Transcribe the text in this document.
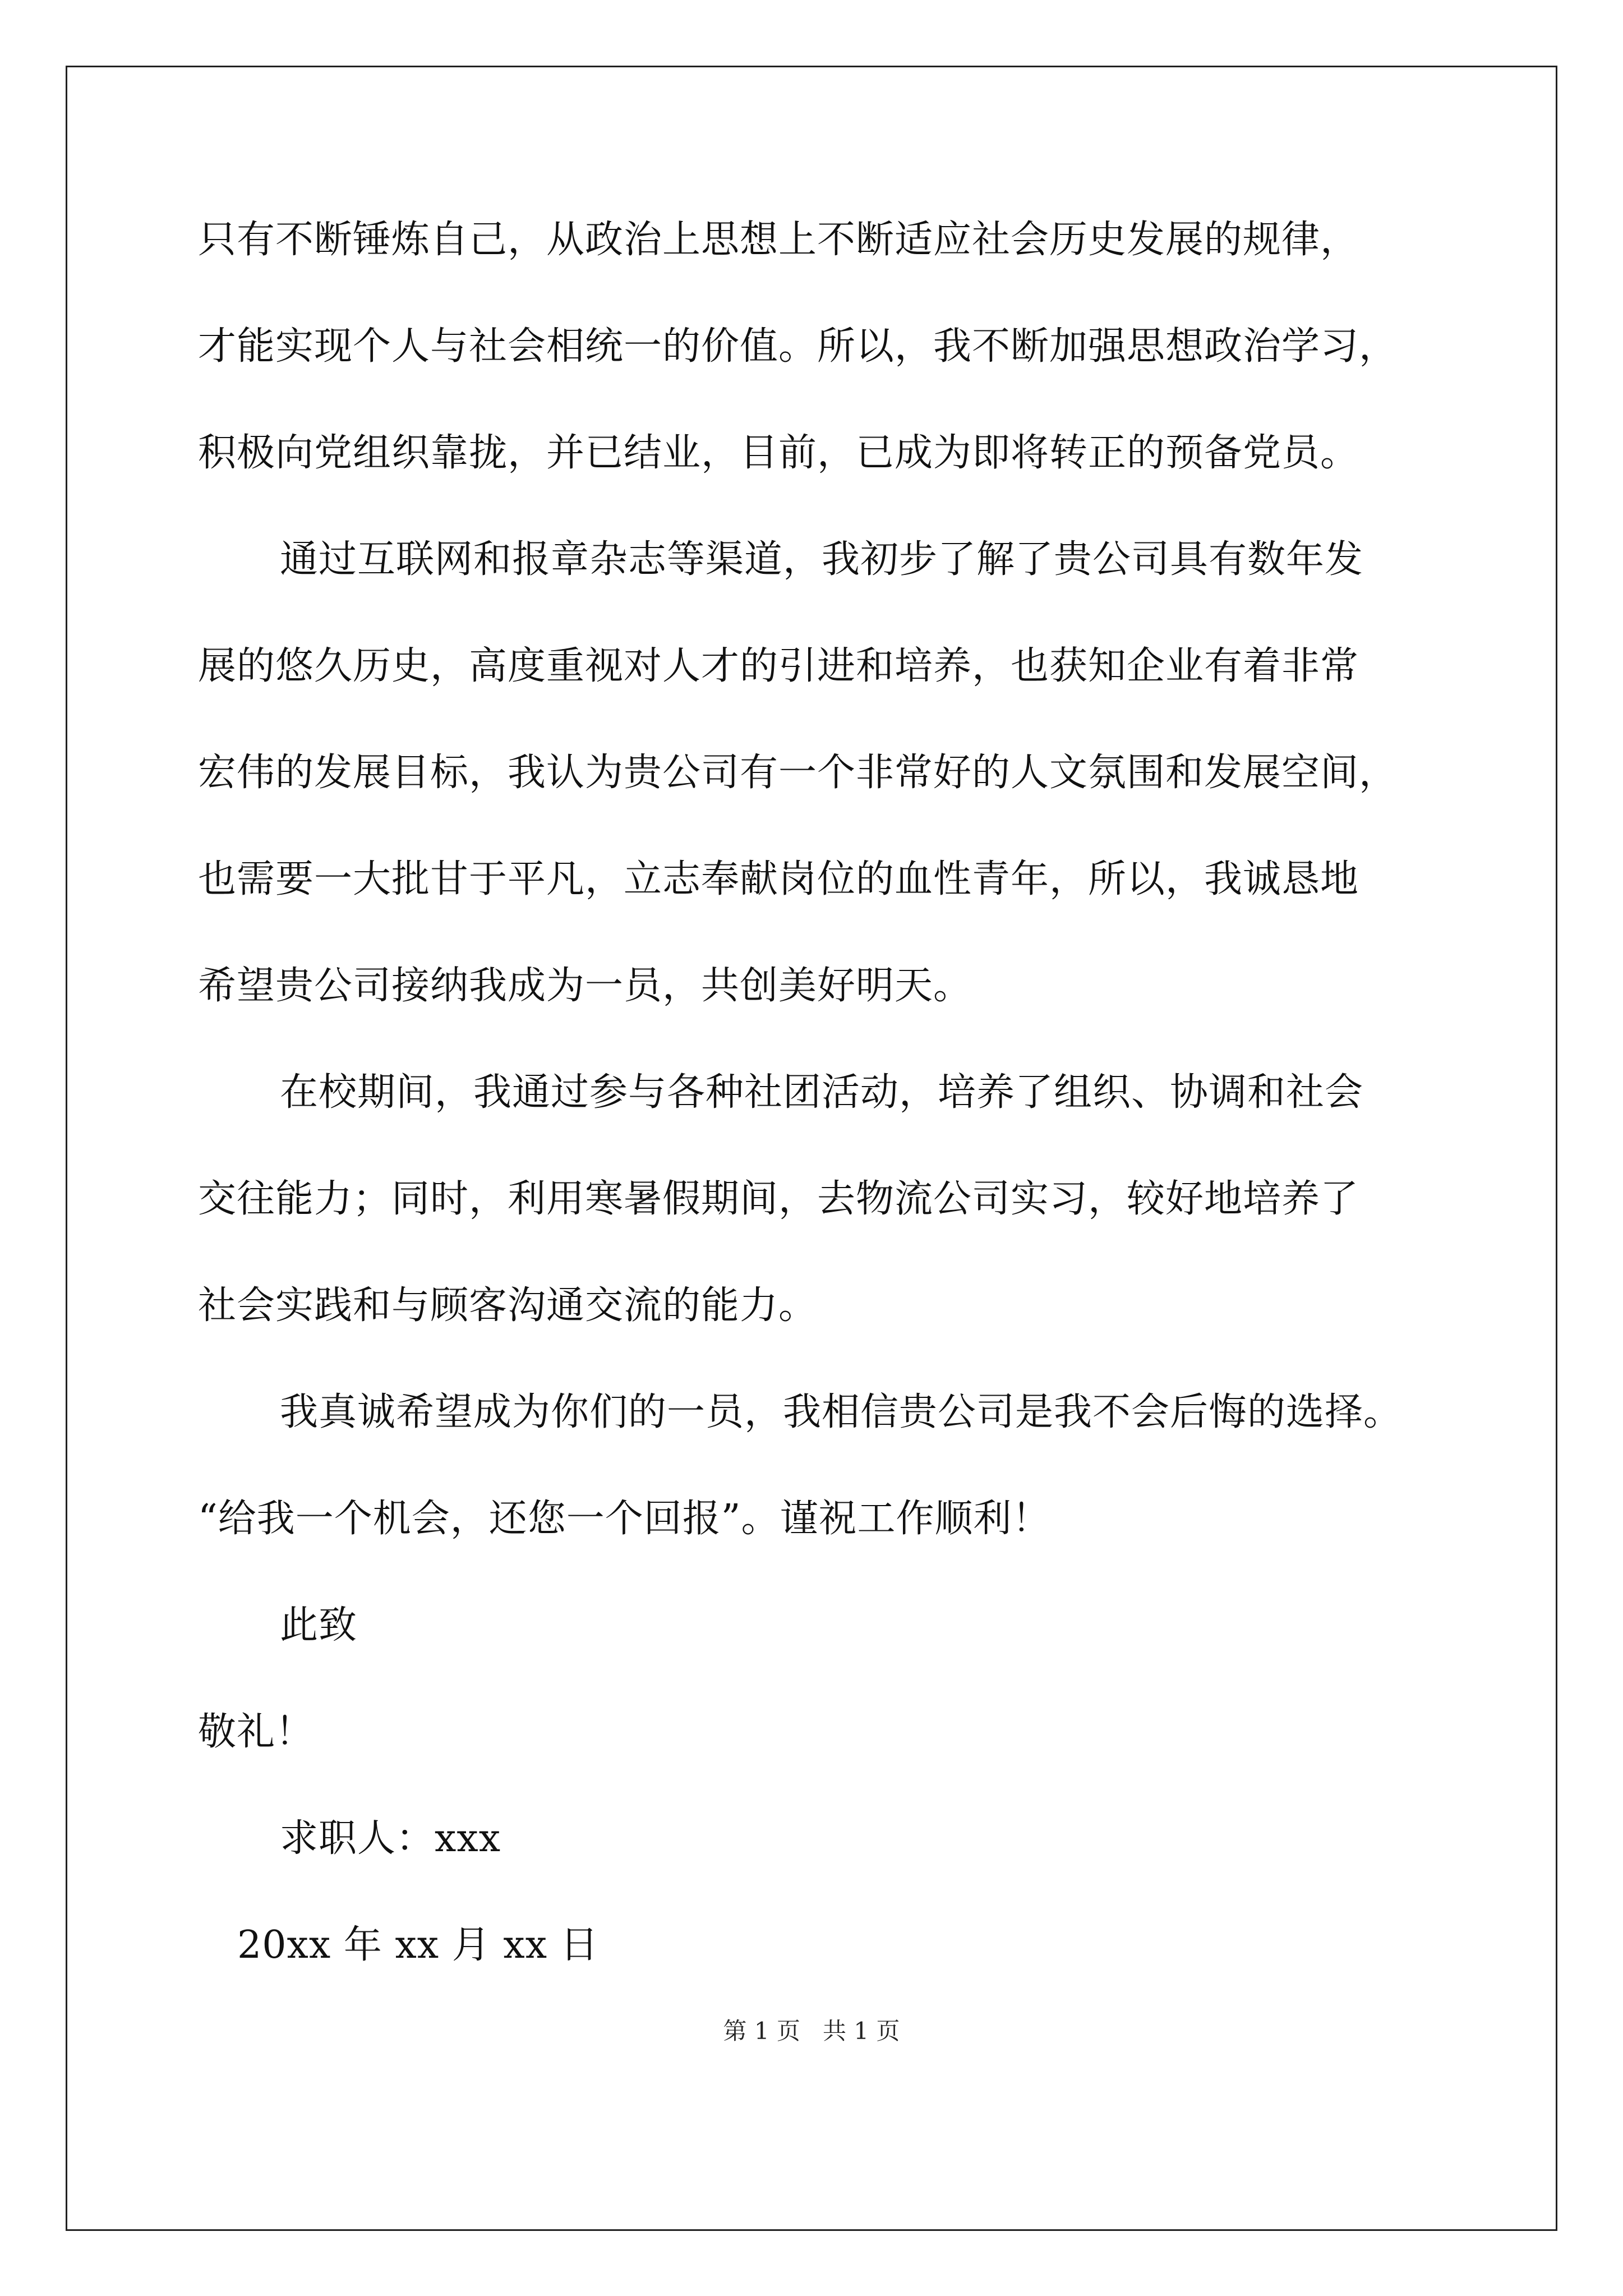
只有不断锤炼自己，从政治上思想上不断适应社会历史发展的规律，
才能实现个人与社会相统一的价值。所以，我不断加强思想政治学习，
积极向党组织靠拢，并已结业，目前，已成为即将转正的预备党员。
通过互联网和报章杂志等渠道，我初步了解了贵公司具有数年发
展的悠久历史，高度重视对人才的引进和培养，也获知企业有着非常
宏伟的发展目标，我认为贵公司有一个非常好的人文氛围和发展空间，
也需要一大批甘于平凡，立志奉献岗位的血性青年，所以，我诚恳地
希望贵公司接纳我成为一员，共创美好明天。
在校期间，我通过参与各种社团活动，培养了组织、协调和社会
交往能力；同时，利用寒暑假期间，去物流公司实习，较好地培养了
社会实践和与顾客沟通交流的能力。
我真诚希望成为你们的一员，我相信贵公司是我不会后悔的选择。
“给我一个机会，还您一个回报”。谨祝工作顺利！
此致
敬礼！
求职人：xxx
20xx 年 xx 月 xx 日
第 1 页   共 1 页
